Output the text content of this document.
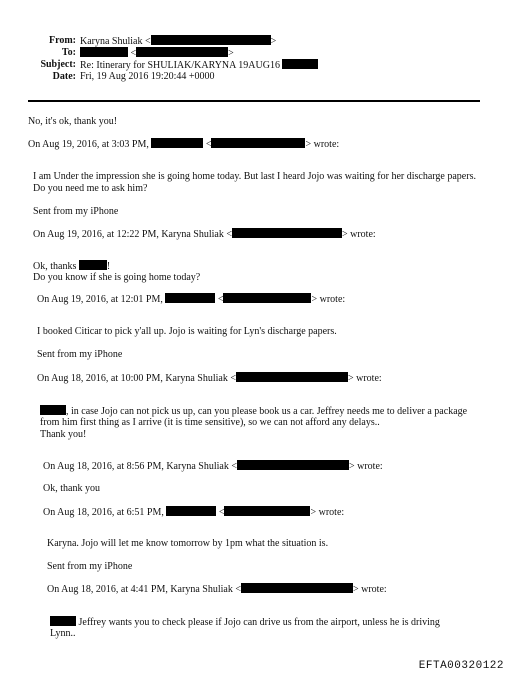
From: Karyna Shuliak <	>
To:	<	>
Subject: Re: Itinerary for SHULIAK/KARYNA 19AUG16
Date: Fri, 19 Aug 2016 19:20:44 +0000
No, it's ok, thank you!
On Aug 19, 2016, at 3:03 PM,	<	> wrote:
I am Under the impression she is going home today. But last I heard Jojo was waiting for her discharge papers.
Do you need me to ask him?
Sent from my iPhone
On Aug 19, 2016, at 12:22 PM, Karyna Shuliak <	> wrote:
Ok, thanks	!
Do you know if she is going home today?
On Aug 19, 2016, at 12:01 PM,	<	> wrote:
I booked Citicar to pick y'all up. Jojo is waiting for Lyn's discharge papers.
Sent from my iPhone
On Aug 18, 2016, at 10:00 PM, Karyna Shuliak <	> wrote:
, in case Jojo can not pick us up, can you please book us a car. Jeffrey needs me to deliver a package
from him first thing as I arrive (it is time sensitive), so we can not afford any delays..
Thank you!
On Aug 18, 2016, at 8:56 PM, Karyna Shuliak <	> wrote:
Ok, thank you
On Aug 18, 2016, at 6:51 PM,	<	> wrote:
Karyna. Jojo will let me know tomorrow by 1pm what the situation is.
Sent from my iPhone
On Aug 18, 2016, at 4:41 PM, Karyna Shuliak <	> wrote:
Jeffrey wants you to check please if Jojo can drive us from the airport, unless he is driving
Lynn..
EFTA00320122
